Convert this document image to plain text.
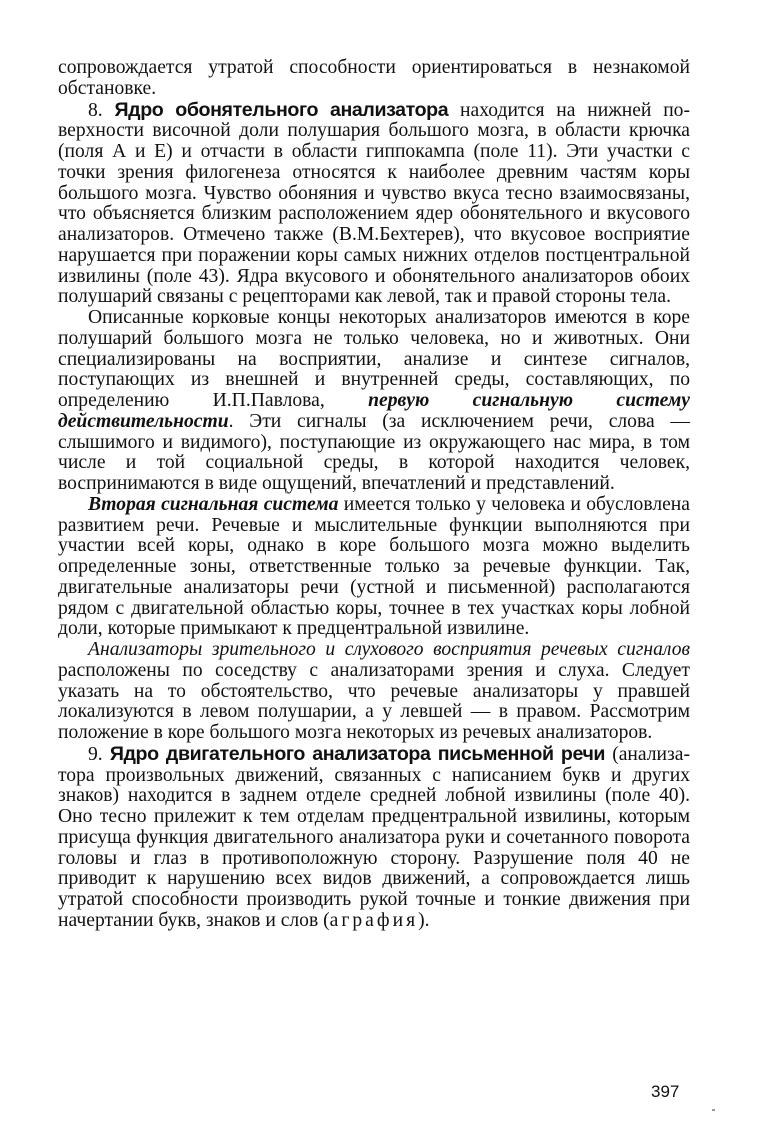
сопровождается утратой способности ориентироваться в незнакомой обстановке.

8. Ядро обонятельного анализатора находится на нижней поверхности височной доли полушария большого мозга, в области крючка (поля А и Е) и отчасти в области гиппокампа (поле 11). Эти участки с точки зрения филогенеза относятся к наиболее древним частям коры большого мозга. Чувство обоняния и чувство вкуса тесно взаимосвязаны, что объясняется близким расположением ядер обонятельного и вкусового анализаторов. Отмечено также (В.М.Бехтерев), что вкусовое восприятие нарушается при поражении коры самых нижних отделов постцентральной извилины (поле 43). Ядра вкусового и обонятельного анализаторов обоих полушарий связаны с рецепторами как левой, так и правой стороны тела.

Описанные корковые концы некоторых анализаторов имеются в коре полушарий большого мозга не только человека, но и животных. Они специализированы на восприятии, анализе и синтезе сигналов, поступающих из внешней и внутренней среды, составляющих, по определению И.П.Павлова, первую сигнальную систему действительности. Эти сигналы (за исключением речи, слова — слышимого и видимого), поступающие из окружающего нас мира, в том числе и той социальной среды, в которой находится человек, воспринимаются в виде ощущений, впечатлений и представлений.

Вторая сигнальная система имеется только у человека и обусловлена развитием речи. Речевые и мыслительные функции выполняются при участии всей коры, однако в коре большого мозга можно выделить определенные зоны, ответственные только за речевые функции. Так, двигательные анализаторы речи (устной и письменной) располагаются рядом с двигательной областью коры, точнее в тех участках коры лобной доли, которые примыкают к предцентральной извилине.

Анализаторы зрительного и слухового восприятия речевых сигналов расположены по соседству с анализаторами зрения и слуха. Следует указать на то обстоятельство, что речевые анализаторы у правшей локализуются в левом полушарии, а у левшей — в правом. Рассмотрим положение в коре большого мозга некоторых из речевых анализаторов.

9. Ядро двигательного анализатора письменной речи (анализатора произвольных движений, связанных с написанием букв и других знаков) находится в заднем отделе средней лобной извилины (поле 40). Оно тесно прилежит к тем отделам предцентральной извилины, которым присуща функция двигательного анализатора руки и сочетанного поворота головы и глаз в противоположную сторону. Разрушение поля 40 не приводит к нарушению всех видов движений, а сопровождается лишь утратой способности производить рукой точные и тонкие движения при начертании букв, знаков и слов (аграфия).

397
